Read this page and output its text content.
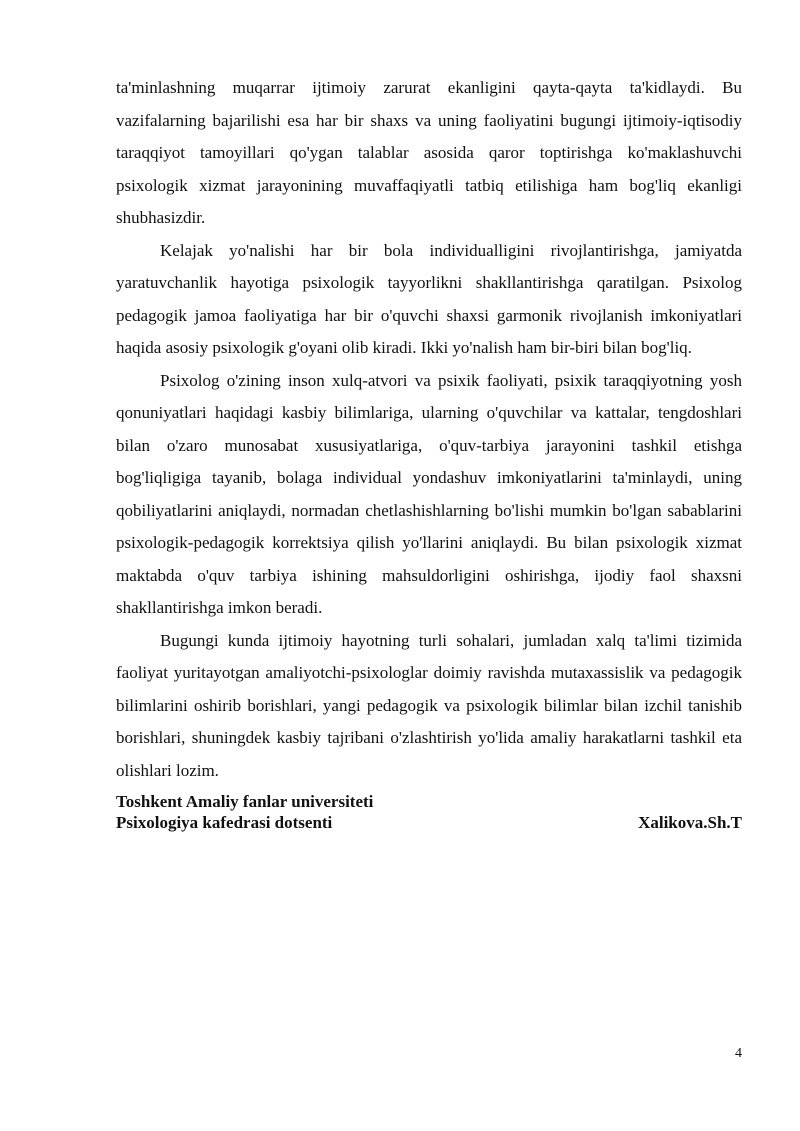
ta'minlashning muqarrar ijtimoiy zarurat ekanligini qayta-qayta ta'kidlaydi. Bu vazifalarning bajarilishi esa har bir shaxs va uning faoliyatini bugungi ijtimoiy-iqtisodiy taraqqiyot tamoyillari qo'ygan talablar asosida qaror toptirishga ko'maklashuvchi psixologik xizmat jarayonining muvaffaqiyatli tatbiq etilishiga ham bog'liq ekanligi shubhasizdir.

Kelajak yo'nalishi har bir bola individualligini rivojlantirishga, jamiyatda yaratuvchanlik hayotiga psixologik tayyorlikni shakllantirishga qaratilgan. Psixolog pedagogik jamoa faoliyatiga har bir o'quvchi shaxsi garmonik rivojlanish imkoniyatlari haqida asosiy psixologik g'oyani olib kiradi. Ikki yo'nalish ham bir-biri bilan bog'liq.

Psixolog o'zining inson xulq-atvori va psixik faoliyati, psixik taraqqiyotning yosh qonuniyatlari haqidagi kasbiy bilimlariga, ularning o'quvchilar va kattalar, tengdoshlari bilan o'zaro munosabat xususiyatlariga, o'quv-tarbiya jarayonini tashkil etishga bog'liqligiga tayanib, bolaga individual yondashuv imkoniyatlarini ta'minlaydi, uning qobiliyatlarini aniqlaydi, normadan chetlashishlarning bo'lishi mumkin bo'lgan sabablarini psixologik-pedagogik korrektsiya qilish yo'llarini aniqlaydi. Bu bilan psixologik xizmat maktabda o'quv tarbiya ishining mahsuldorligini oshirishga, ijodiy faol shaxsni shakllantirishga imkon beradi.

Bugungi kunda ijtimoiy hayotning turli sohalari, jumladan xalq ta'limi tizimida faoliyat yuritayotgan amaliyotchi-psixologlar doimiy ravishda mutaxassislik va pedagogik bilimlarini oshirib borishlari, yangi pedagogik va psixologik bilimlar bilan izchil tanishib borishlari, shuningdek kasbiy tajribani o'zlashtirish yo'lida amaliy harakatlarni tashkil eta olishlari lozim.

Toshkent Amaliy fanlar universiteti
Psixologiya kafedrasi dotsenti	Xalikova.Sh.T
4
